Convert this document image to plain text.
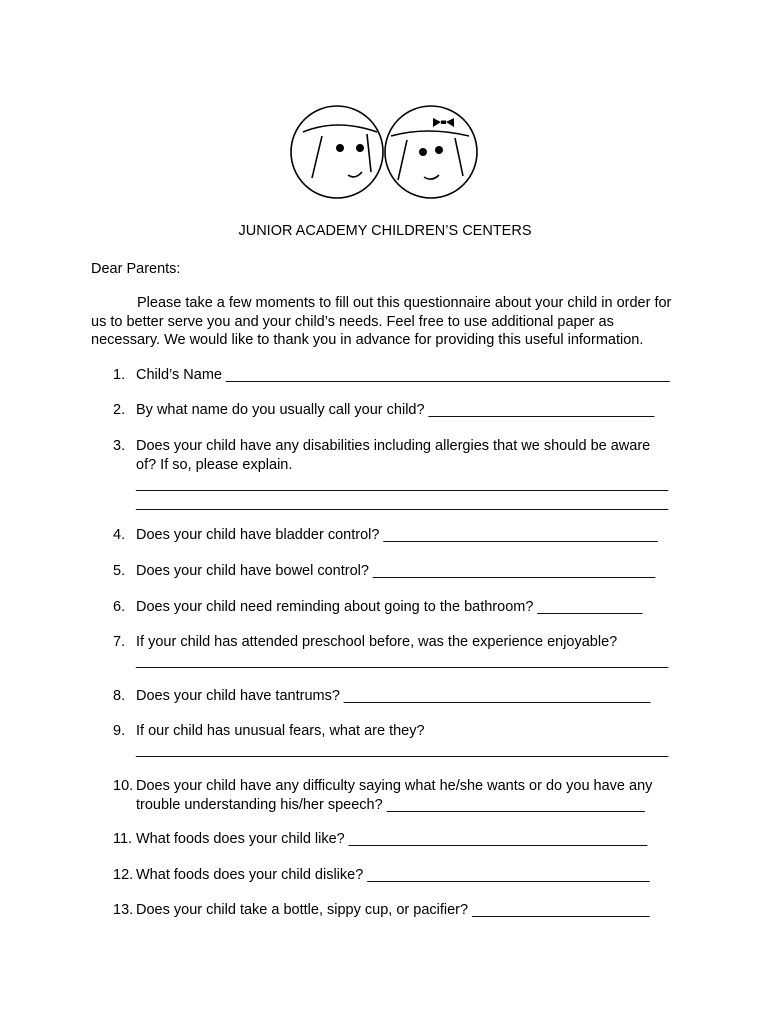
JUNIOR ACADEMY CHILDREN’S CENTERS
Dear Parents:
Please take a few moments to fill out this questionnaire about your child in order for us to better serve you and your child’s needs. Feel free to use additional paper as necessary. We would like to thank you in advance for providing this useful information.
1. Child’s Name _______________________________________________________
2. By what name do you usually call your child? ____________________________
3. Does your child have any disabilities including allergies that we should be aware
of? If so, please explain.
__________________________________________________________________
__________________________________________________________________
4. Does your child have bladder control? __________________________________
5. Does your child have bowel control? ___________________________________
6. Does your child need reminding about going to the bathroom? _____________
7. If your child has attended preschool before, was the experience enjoyable?
__________________________________________________________________
8. Does your child have tantrums? ______________________________________
9. If our child has unusual fears, what are they?
__________________________________________________________________
10. Does your child have any difficulty saying what he/she wants or do you have any
trouble understanding his/her speech? ________________________________
11. What foods does your child like? _____________________________________
12. What foods does your child dislike? ___________________________________
13. Does your child take a bottle, sippy cup, or pacifier? ______________________
